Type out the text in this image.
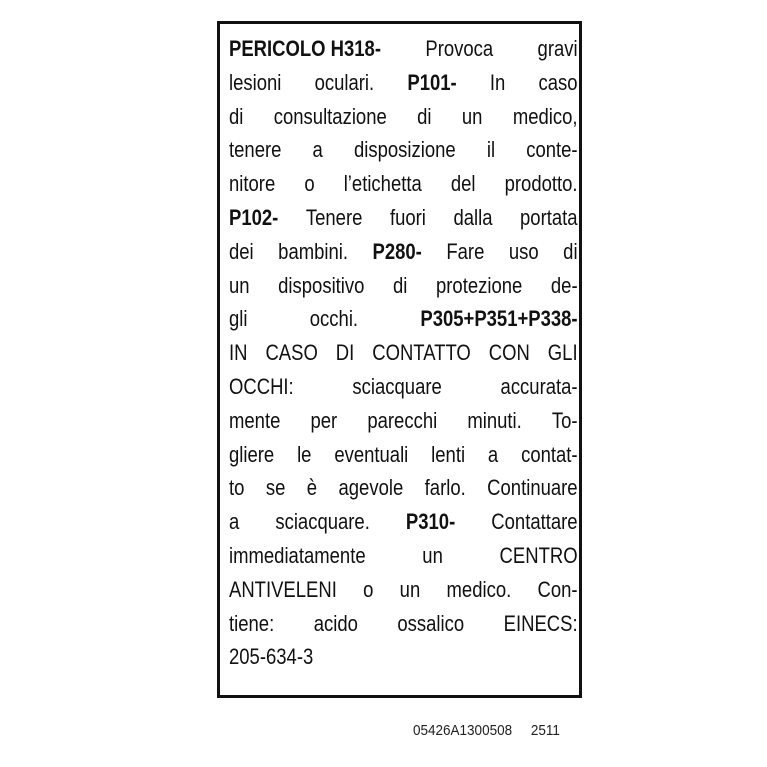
PERICOLO H318- Provoca gravi
lesioni oculari. P101- In caso
di consultazione di un medico,
tenere a disposizione il conte-
nitore o l’etichetta del prodotto.
P102- Tenere fuori dalla portata
dei bambini. P280- Fare uso di
un dispositivo di protezione de-
gli	occhi.	P305+P351+P338-
IN CASO DI CONTATTO CON GLI
OCCHI:	sciacquare	accurata-
mente per parecchi minuti. To-
gliere le eventuali lenti a contat-
to se è agevole farlo. Continuare
a sciacquare. P310- Contattare
immediatamente	un	CENTRO
ANTIVELENI o un medico. Con-
tiene: acido ossalico EINECS:
205-634-3
05426A1300508 2511
